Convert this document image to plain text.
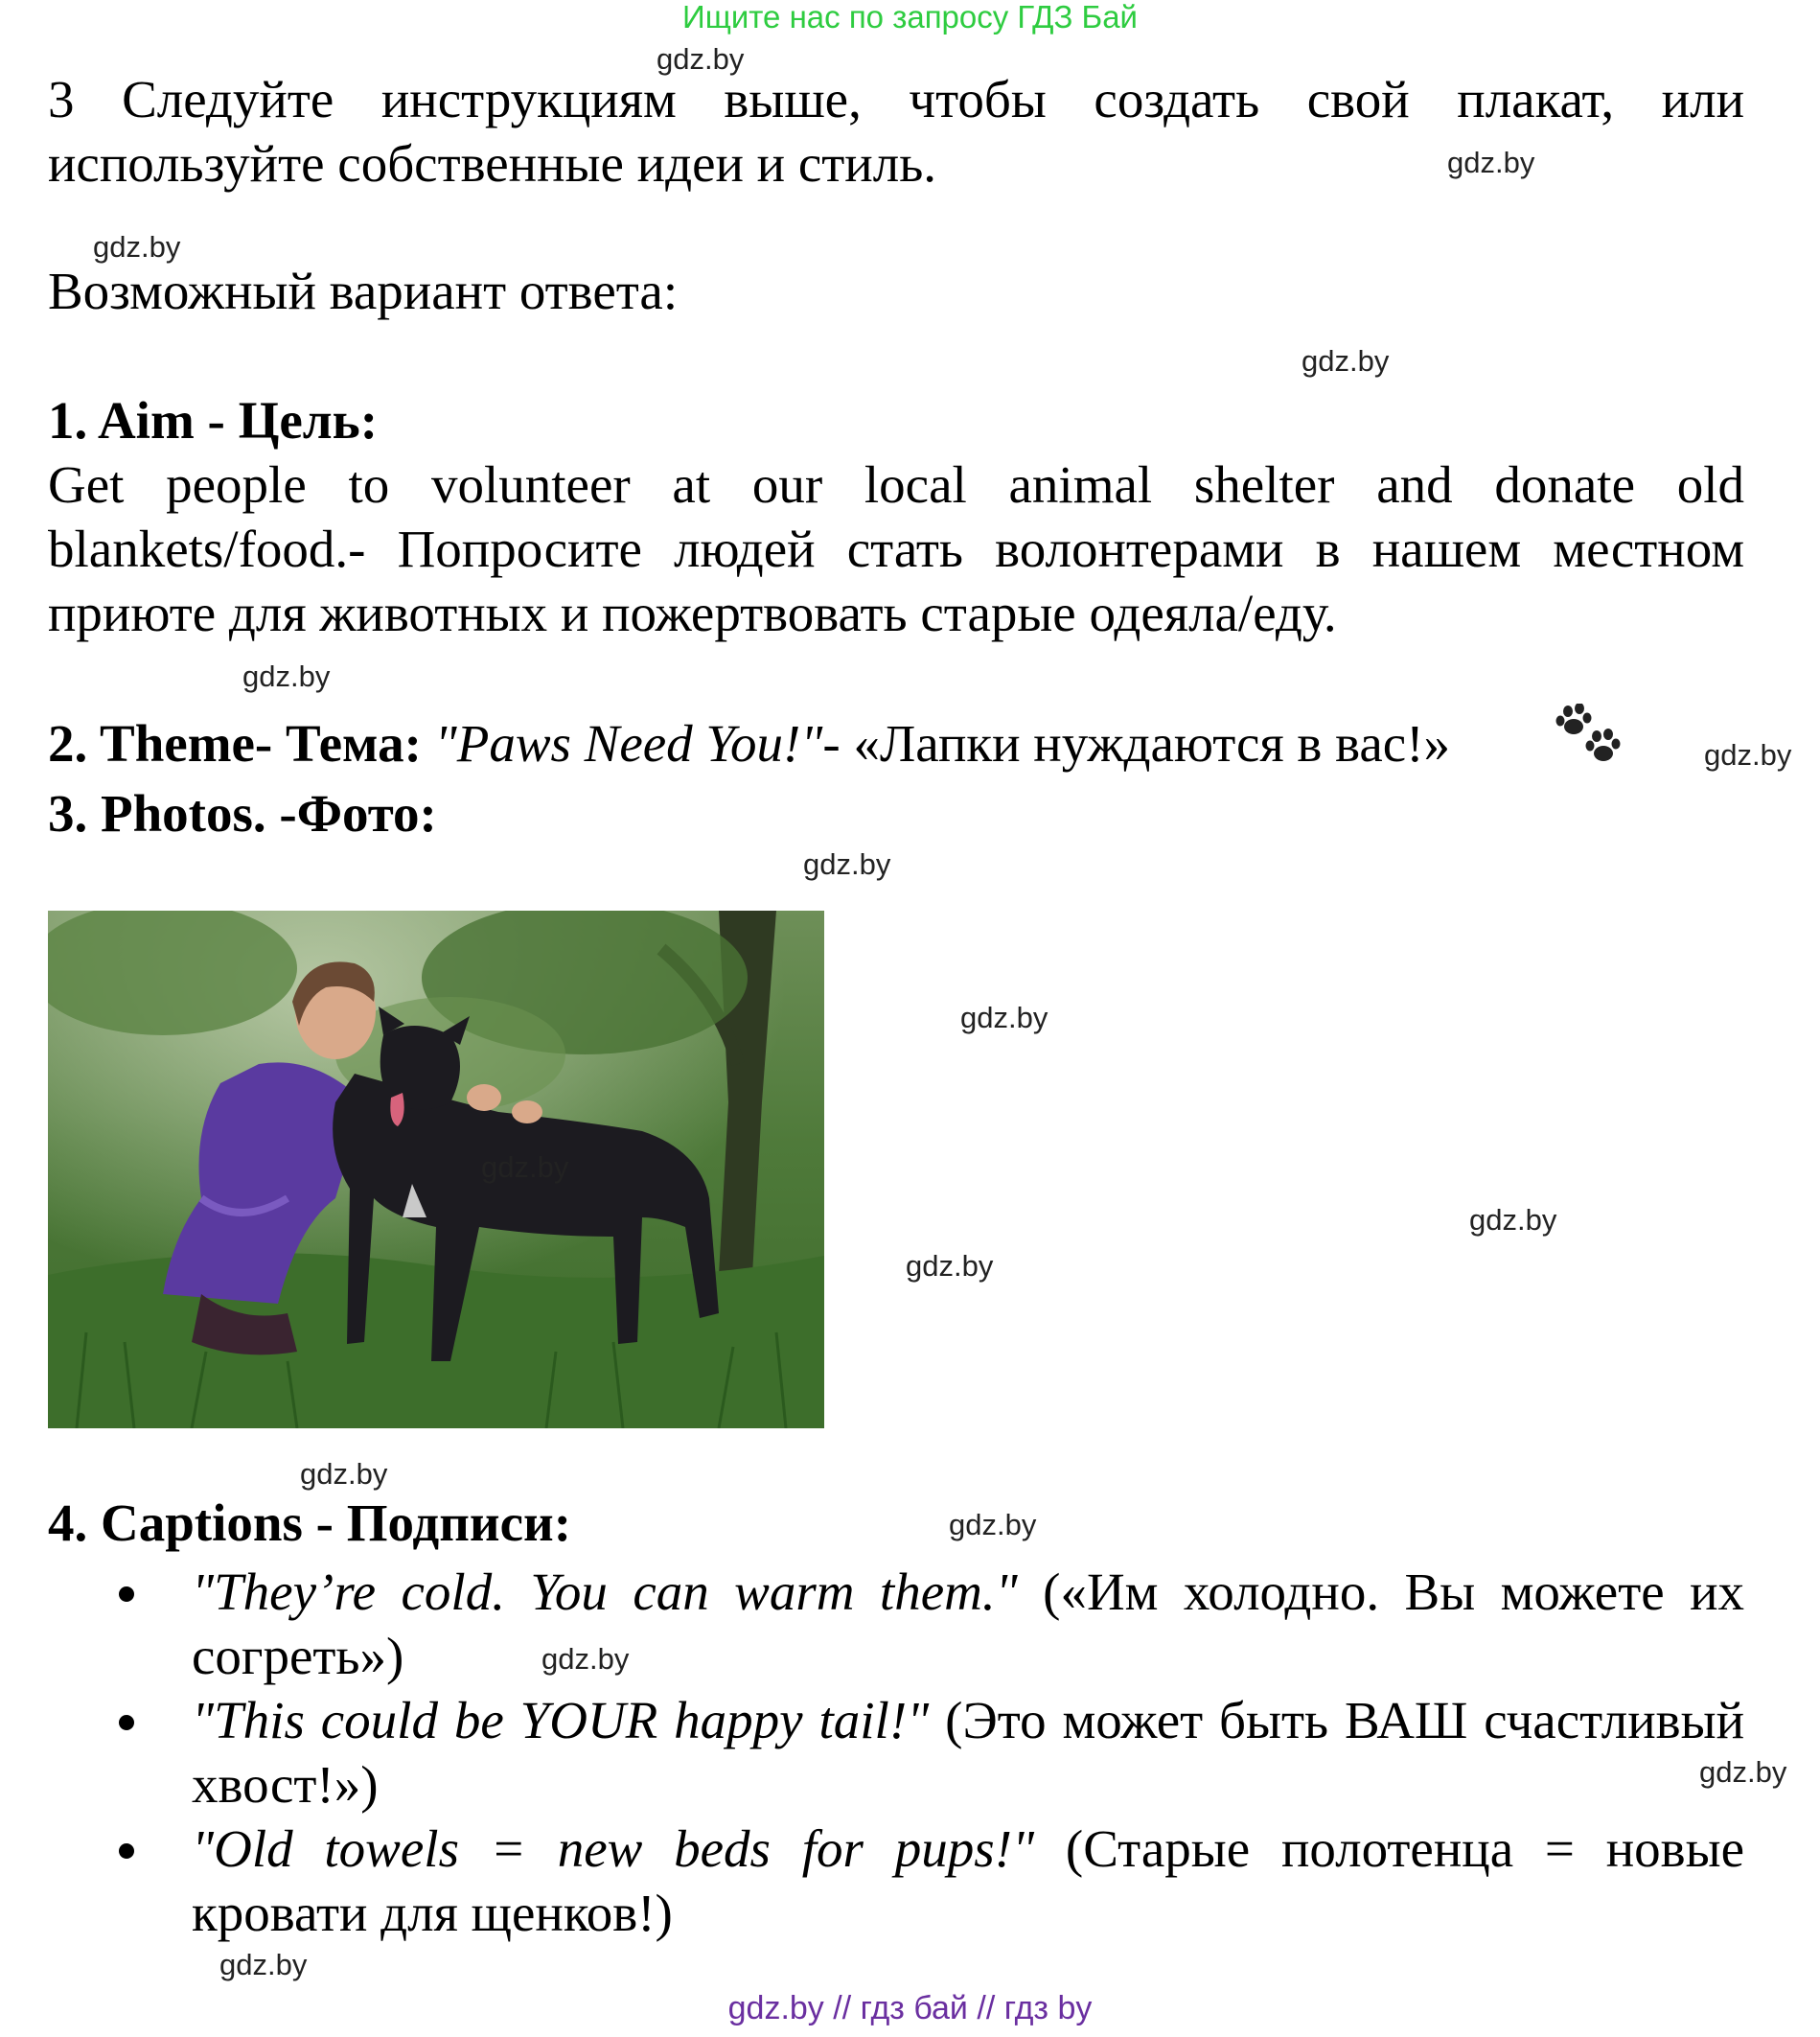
Ищите нас по запросу ГДЗ Бай
3 Следуйте инструкциям выше, чтобы создать свой плакат, или используйте собственные идеи и стиль.
Возможный вариант ответа:
1. Aim - Цель:
Get people to volunteer at our local animal shelter and donate old blankets/food.- Попросите людей стать волонтерами в нашем местном приюте для животных и пожертвовать старые одеяла/еду.
2. Theme- Тема: "Paws Need You!"- «Лапки нуждаются в вас!»
3. Photos. -Фото:
4. Captions - Подписи:
"They’re cold. You can warm them." («Им холодно. Вы можете их согреть»)
"This could be YOUR happy tail!" (Это может быть ВАШ счастливый хвост!»)
"Old towels = new beds for pups!" (Старые полотенца = новые кровати для щенков!)
gdz.by
gdz.by
gdz.by
gdz.by
gdz.by
gdz.by
gdz.by
gdz.by
gdz.by
gdz.by
gdz.by
gdz.by
gdz.by
gdz.by
gdz.by
gdz.by
gdz.by // гдз бай // гдз by
